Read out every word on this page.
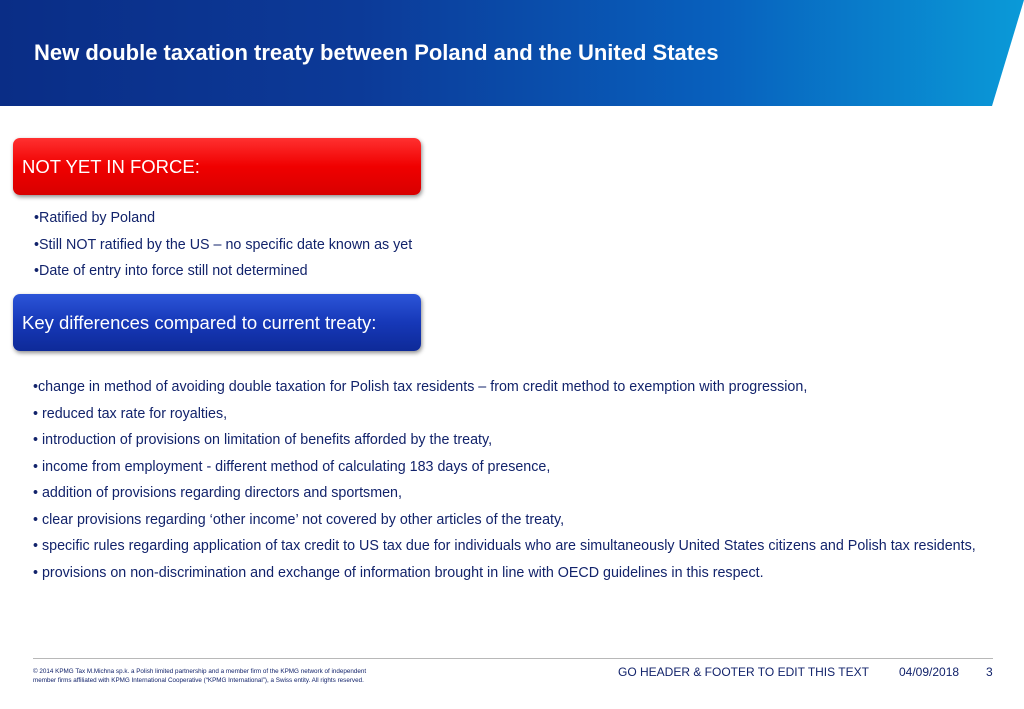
New double taxation treaty between Poland and the United States
NOT YET IN FORCE:
•Ratified by Poland
•Still NOT ratified by the US – no specific date known as yet
•Date of entry into force still not determined
Key differences compared to current treaty:
•change in method of avoiding double taxation for Polish tax residents – from credit method to exemption with progression,
• reduced tax rate for royalties,
• introduction of provisions on limitation of benefits afforded by the treaty,
• income from employment - different method of calculating 183 days of presence,
• addition of provisions regarding directors and sportsmen,
• clear provisions regarding ‘other income’ not covered by other articles of the treaty,
• specific rules regarding application of tax credit to US tax due for individuals who are simultaneously United States citizens and Polish tax residents,
• provisions on non-discrimination and exchange of information brought in line with OECD guidelines in this respect.
© 2014 KPMG Tax M.Michna sp.k. a Polish limited partnership and a member firm of the KPMG network of independent member firms affiliated with KPMG International Cooperative (“KPMG International”), a Swiss entity. All rights reserved.
GO HEADER & FOOTER TO EDIT THIS TEXT	04/09/2018 3
